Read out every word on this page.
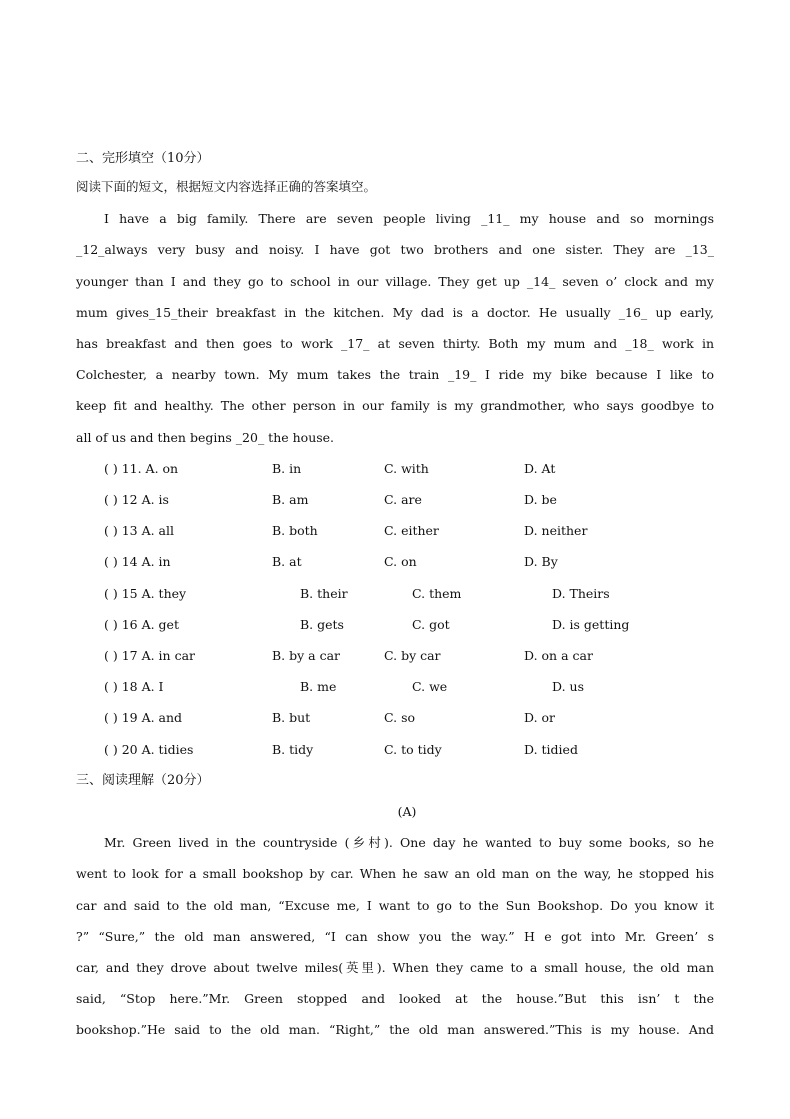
二、完形填空（10分）
阅读下面的短文，根据短文内容选择正确的答案填空。
I have a big family. There are seven people living _11_ my house and so mornings
_12_always very busy and noisy. I have got two brothers and one sister. They are _13_
younger than I and they go to school in our village. They get up _14_ seven o’ clock and my
mum gives_15_their breakfast in the kitchen. My dad is a doctor. He usually _16_ up early,
has breakfast and then goes to work _17_ at seven thirty. Both my mum and _18_ work in
Colchester, a nearby town. My mum takes the train _19_ I ride my bike because I like to
keep fit and healthy. The other person in our family is my grandmother, who says goodbye to
all of us and then begins _20_ the house.
( ) 11. A. on	B. in	C. with	D. At
( ) 12 A. is	B. am	C. are	D. be
( ) 13 A. all	B. both	C. either	D. neither
( ) 14 A. in	B. at	C. on	D. By
( ) 15 A. they	B. their	C. them	D. Theirs
( ) 16 A. get	B. gets	C. got	D. is getting
( ) 17 A. in car	B. by a car	C. by car	D. on a car
( ) 18 A. I	B. me	C. we	D. us
( ) 19 A. and	B. but	C. so	D. or
( ) 20 A. tidies	B. tidy	C. to tidy	D. tidied
三、阅读理解（20分）
(A)
Mr. Green lived in the countryside (乡村). One day he wanted to buy some books, so he
went to look for a small bookshop by car. When he saw an old man on the way, he stopped his
car and said to the old man, “Excuse me, I want to go to the Sun Bookshop. Do you know it
?” “Sure,” the old man answered, “I can show you the way.” H e got into Mr. Green’ s
car, and they drove about twelve miles(英里). When they came to a small house, the old man
said, “Stop here.”Mr. Green stopped and looked at the house.”But this isn’ t the
bookshop.”He said to the old man. “Right,” the old man answered.”This is my house. And
